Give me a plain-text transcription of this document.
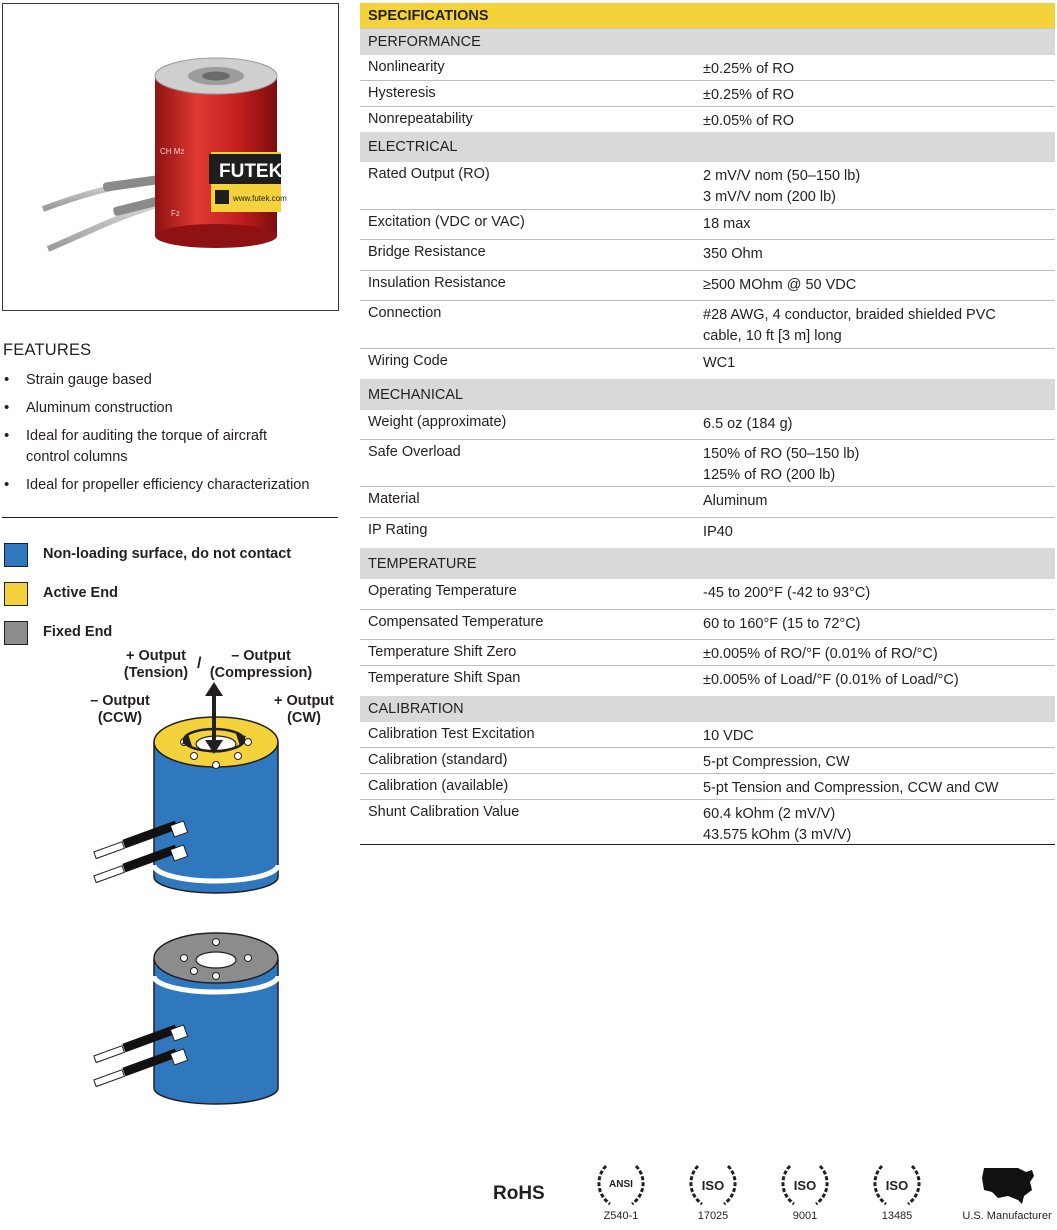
FUTEK
www.futek.com
CH Mz
Fz
FEATURES
• Strain gauge based
• Aluminum construction
• Ideal for auditing the torque of aircraft control columns
• Ideal for propeller efficiency characterization
Non-loading surface, do not contact
Active End
Fixed End
+ Output
(Tension)
/	– Output
(Compression)
– Output
(CCW)
+ Output
(CW)
SPECIFICATIONS
PERFORMANCE
Nonlinearity	±0.25% of RO
Hysteresis	±0.25% of RO
Nonrepeatability	±0.05% of RO
ELECTRICAL
Rated Output (RO)	2 mV/V nom (50–150 lb)
3 mV/V nom (200 lb)
Excitation (VDC or VAC)	18 max
Bridge Resistance	350 Ohm
Insulation Resistance	≥500 MOhm @ 50 VDC
Connection	#28 AWG, 4 conductor, braided shielded PVC
cable, 10 ft [3 m] long
Wiring Code	WC1
MECHANICAL
Weight (approximate)	6.5 oz (184 g)
Safe Overload	150% of RO (50–150 lb)
125% of RO (200 lb)
Material	Aluminum
IP Rating	IP40
TEMPERATURE
Operating Temperature	-45 to 200°F (-42 to 93°C)
Compensated Temperature	60 to 160°F (15 to 72°C)
Temperature Shift Zero	±0.005% of RO/°F (0.01% of RO/°C)
Temperature Shift Span	±0.005% of Load/°F (0.01% of Load/°C)
CALIBRATION
Calibration Test Excitation	10 VDC
Calibration (standard)	5-pt Compression, CW
Calibration (available)	5-pt Tension and Compression, CCW and CW
Shunt Calibration Value	60.4 kOhm (2 mV/V)
43.575 kOhm (3 mV/V)
RoHS	ANSI
Z540-1
ISO
17025
ISO
9001
ISO
13485	U.S. Manufacturer
